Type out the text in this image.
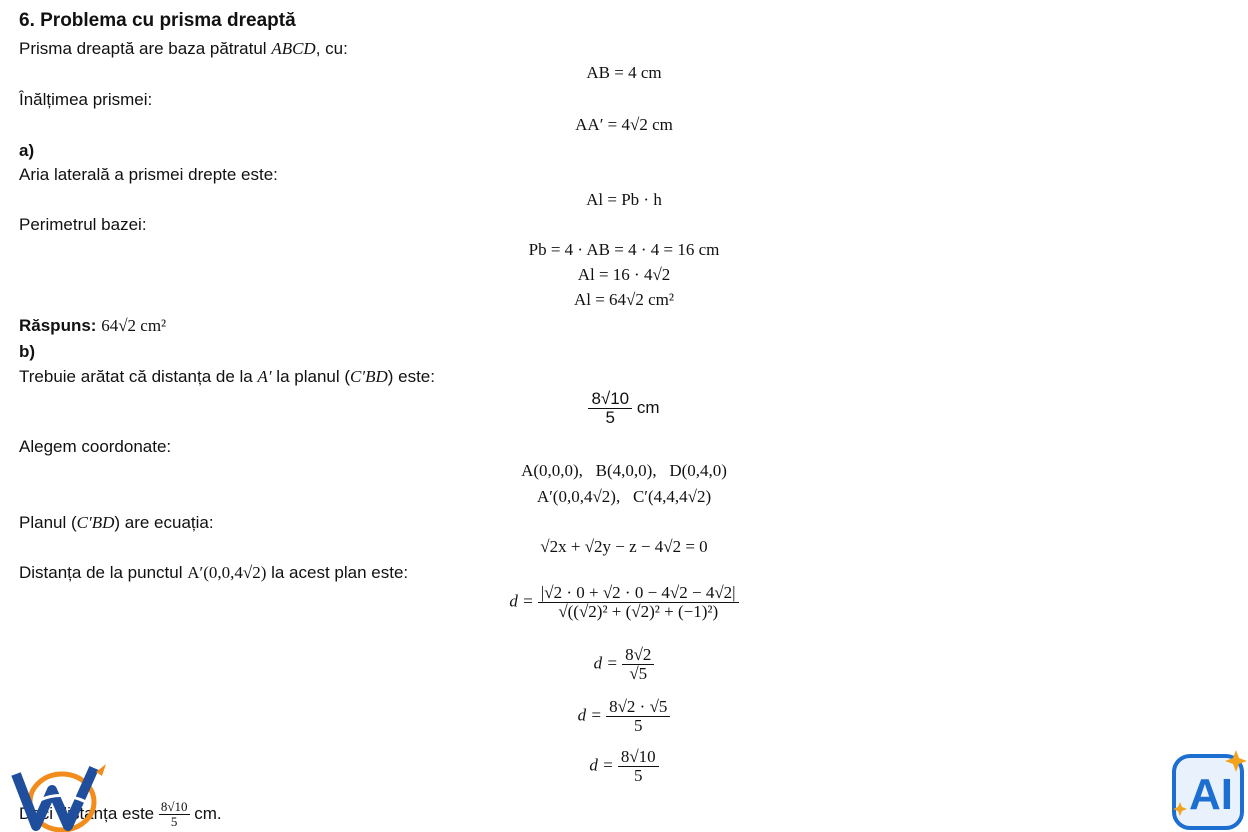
6. Problema cu prisma dreaptă
Prisma dreaptă are baza pătratul ABCD, cu:
AB = 4 cm
Înălțimea prismei:
AA′ = 4√2 cm
a)
Aria laterală a prismei drepte este:
Al = Pb · h
Perimetrul bazei:
Pb = 4 · AB = 4 · 4 = 16 cm
Al = 16 · 4√2
Al = 64√2 cm²
Răspuns: 64√2 cm²
b)
Trebuie arătat că distanța de la A′ la planul (C′BD) este:
$\frac{8√10}{5}$ cm
Alegem coordonate:
A(0,0,0),   B(4,0,0),   D(0,4,0)
A′(0,0,4√2),   C′(4,4,4√2)
Planul (C′BD) are ecuația:
√2x + √2y − z − 4√2 = 0
Distanța de la punctul A′(0,0,4√2) la acest plan este:
$d = \frac{|√2 \cdot 0 + √2 \cdot 0 - 4√2 - 4√2|}{\text{√((√2)² + (√2)² + (−1)²)}}$
$d = \frac{8√2}{√5}$
$d = \frac{8√2 \cdot √5}{5}$
$d = \frac{8√10}{5}$
Deci distanța este $\frac{8√10}{5}$ cm.	AI
